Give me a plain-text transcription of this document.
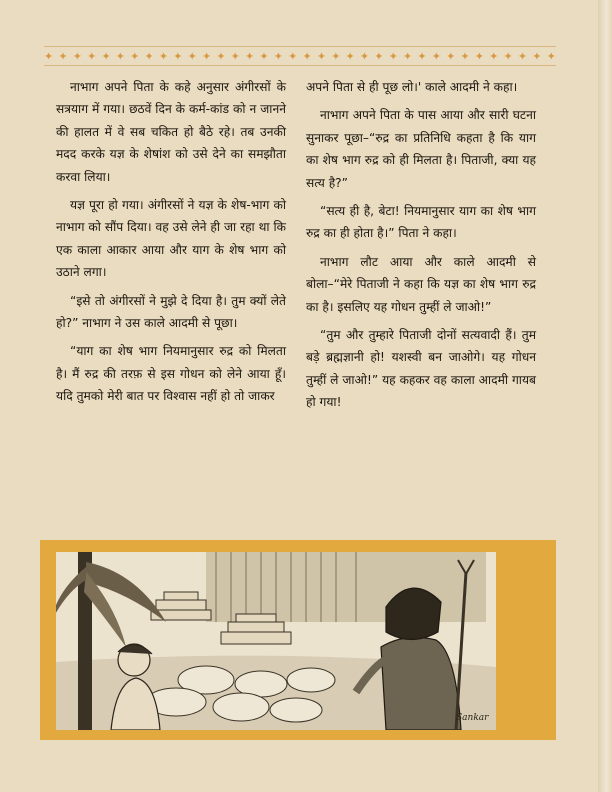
✦ ✦ ✦ ✦ ✦ ✦ ✦ ✦ ✦ ✦ ✦ ✦ ✦ ✦ ✦ ✦ ✦ ✦ ✦ ✦ ✦ ✦ ✦ ✦ ✦ ✦ ✦ ✦ ✦ ✦ ✦ ✦ ✦ ✦ ✦ ✦

नाभाग अपने पिता के कहे अनुसार अंगीरसों के सत्रयाग में गया। छठवें दिन के कर्म-कांड को न जानने की हालत में वे सब चकित हो बैठे रहे। तब उनकी मदद करके यज्ञ के शेषांश को उसे देने का समझौता करवा लिया।

यज्ञ पूरा हो गया। अंगीरसों ने यज्ञ के शेष-भाग को नाभाग को सौंप दिया। वह उसे लेने ही जा रहा था कि एक काला आकार आया और याग के शेष भाग को उठाने लगा।

“इसे तो अंगीरसों ने मुझे दे दिया है। तुम क्यों लेते हो?” नाभाग ने उस काले आदमी से पूछा।

“याग का शेष भाग नियमानुसार रुद्र को मिलता है। मैं रुद्र की तरफ़ से इस गोधन को लेने आया हूँ। यदि तुमको मेरी बात पर विश्वास नहीं हो तो जाकर

अपने पिता से ही पूछ लो।' काले आदमी ने कहा।

नाभाग अपने पिता के पास आया और सारी घटना सुनाकर पूछा–“रुद्र का प्रतिनिधि कहता है कि याग का शेष भाग रुद्र को ही मिलता है। पिताजी, क्या यह सत्य है?”

“सत्य ही है, बेटा! नियमानुसार याग का शेष भाग रुद्र का ही होता है।” पिता ने कहा।

नाभाग लौट आया और काले आदमी से बोला–“मेरे पिताजी ने कहा कि यज्ञ का शेष भाग रुद्र का है। इसलिए यह गोधन तुम्हीं ले जाओ!”

“तुम और तुम्हारे पिताजी दोनों सत्यवादी हैं। तुम बड़े ब्रह्मज्ञानी हो! यशस्वी बन जाओगे। यह गोधन तुम्हीं ले जाओ!” यह कहकर वह काला आदमी गायब हो गया!

Sankar
